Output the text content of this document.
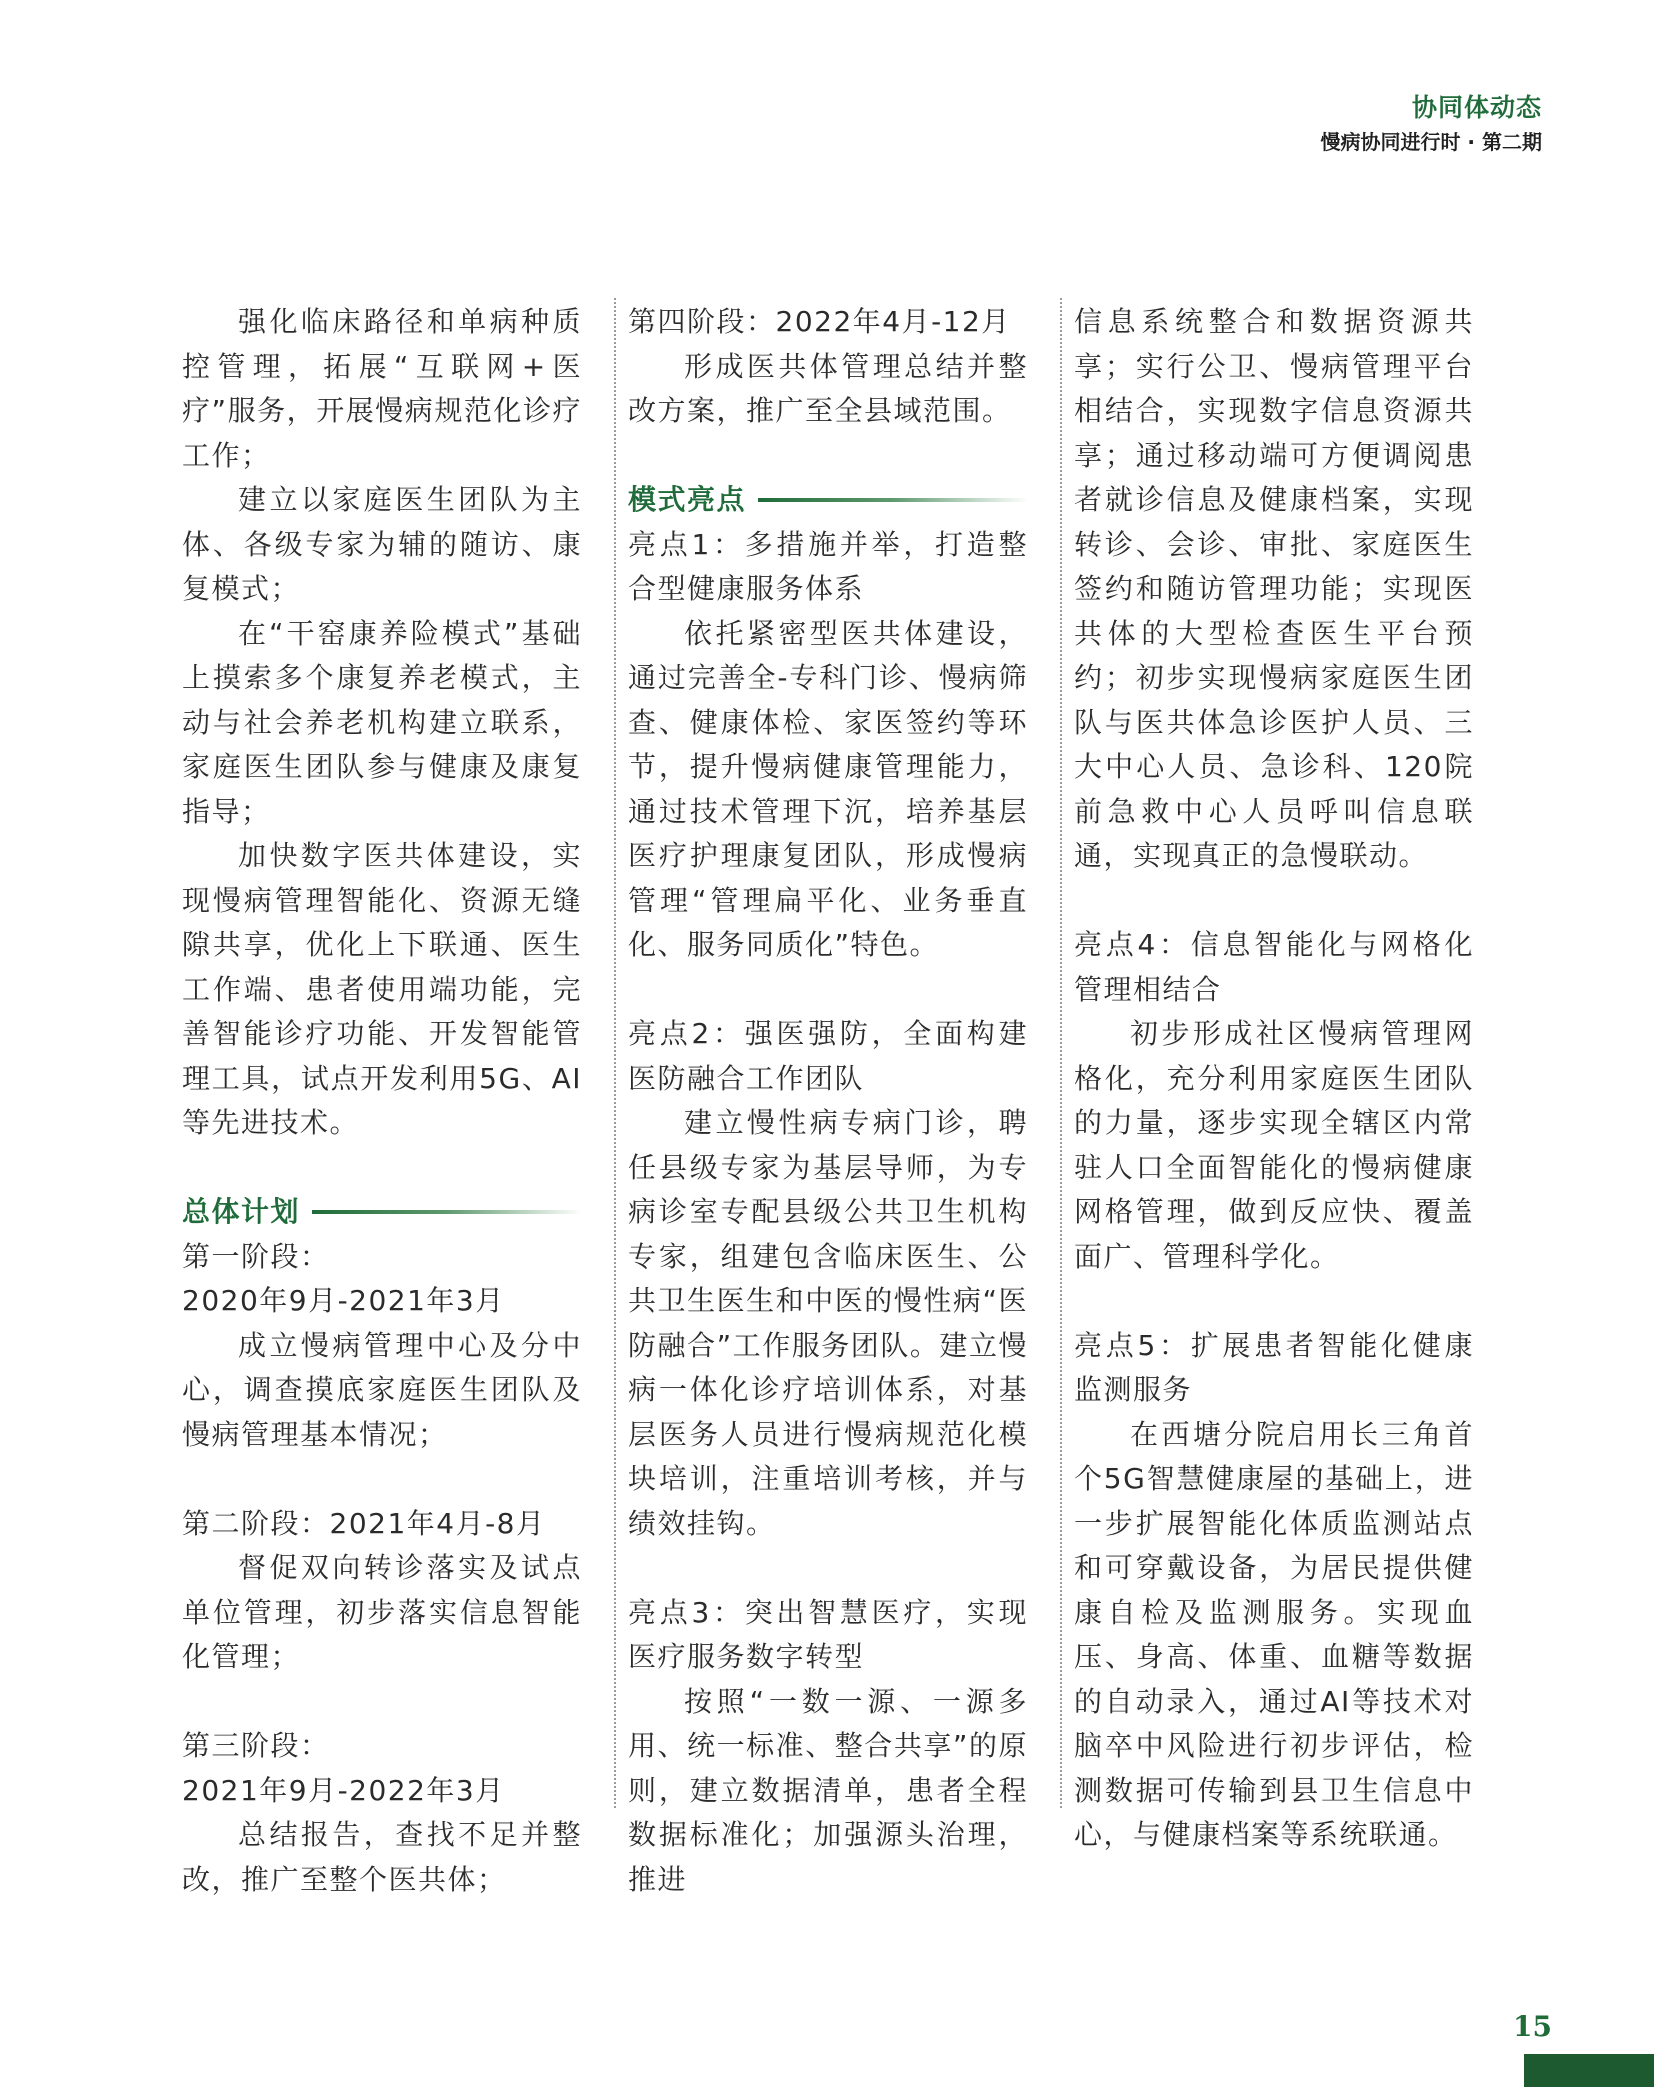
协同体动态
慢病协同进行时 · 第二期

强化临床路径和单病种质控管理，拓展“互联网+医疗”服务，开展慢病规范化诊疗工作；

建立以家庭医生团队为主体、各级专家为辅的随访、康复模式；

在“干窑康养险模式”基础上摸索多个康复养老模式，主动与社会养老机构建立联系，家庭医生团队参与健康及康复指导；

加快数字医共体建设，实现慢病管理智能化、资源无缝隙共享，优化上下联通、医生工作端、患者使用端功能，完善智能诊疗功能、开发智能管理工具，试点开发利用5G、AI等先进技术。

总体计划

第一阶段：

2020年9月-2021年3月

成立慢病管理中心及分中心，调查摸底家庭医生团队及慢病管理基本情况；

第二阶段：2021年4月-8月

督促双向转诊落实及试点单位管理，初步落实信息智能化管理；

第三阶段：

2021年9月-2022年3月

总结报告，查找不足并整改，推广至整个医共体；

第四阶段：2022年4月-12月

形成医共体管理总结并整改方案，推广至全县域范围。

模式亮点

亮点1：多措施并举，打造整合型健康服务体系

依托紧密型医共体建设，通过完善全-专科门诊、慢病筛查、健康体检、家医签约等环节，提升慢病健康管理能力，通过技术管理下沉，培养基层医疗护理康复团队，形成慢病管理“管理扁平化、业务垂直化、服务同质化”特色。

亮点2：强医强防，全面构建医防融合工作团队

建立慢性病专病门诊，聘任县级专家为基层导师，为专病诊室专配县级公共卫生机构专家，组建包含临床医生、公共卫生医生和中医的慢性病“医防融合”工作服务团队。建立慢病一体化诊疗培训体系，对基层医务人员进行慢病规范化模块培训，注重培训考核，并与绩效挂钩。

亮点3：突出智慧医疗，实现医疗服务数字转型

按照“一数一源、一源多用、统一标准、整合共享”的原则，建立数据清单，患者全程数据标准化；加强源头治理，推进

信息系统整合和数据资源共享；实行公卫、慢病管理平台相结合，实现数字信息资源共享；通过移动端可方便调阅患者就诊信息及健康档案，实现转诊、会诊、审批、家庭医生签约和随访管理功能；实现医共体的大型检查医生平台预约；初步实现慢病家庭医生团队与医共体急诊医护人员、三大中心人员、急诊科、120院前急救中心人员呼叫信息联通，实现真正的急慢联动。

亮点4：信息智能化与网格化管理相结合

初步形成社区慢病管理网格化，充分利用家庭医生团队的力量，逐步实现全辖区内常驻人口全面智能化的慢病健康网格管理，做到反应快、覆盖面广、管理科学化。

亮点5：扩展患者智能化健康监测服务

在西塘分院启用长三角首个5G智慧健康屋的基础上，进一步扩展智能化体质监测站点和可穿戴设备，为居民提供健康自检及监测服务。实现血压、身高、体重、血糖等数据的自动录入，通过AI等技术对脑卒中风险进行初步评估，检测数据可传输到县卫生信息中心，与健康档案等系统联通。

15
